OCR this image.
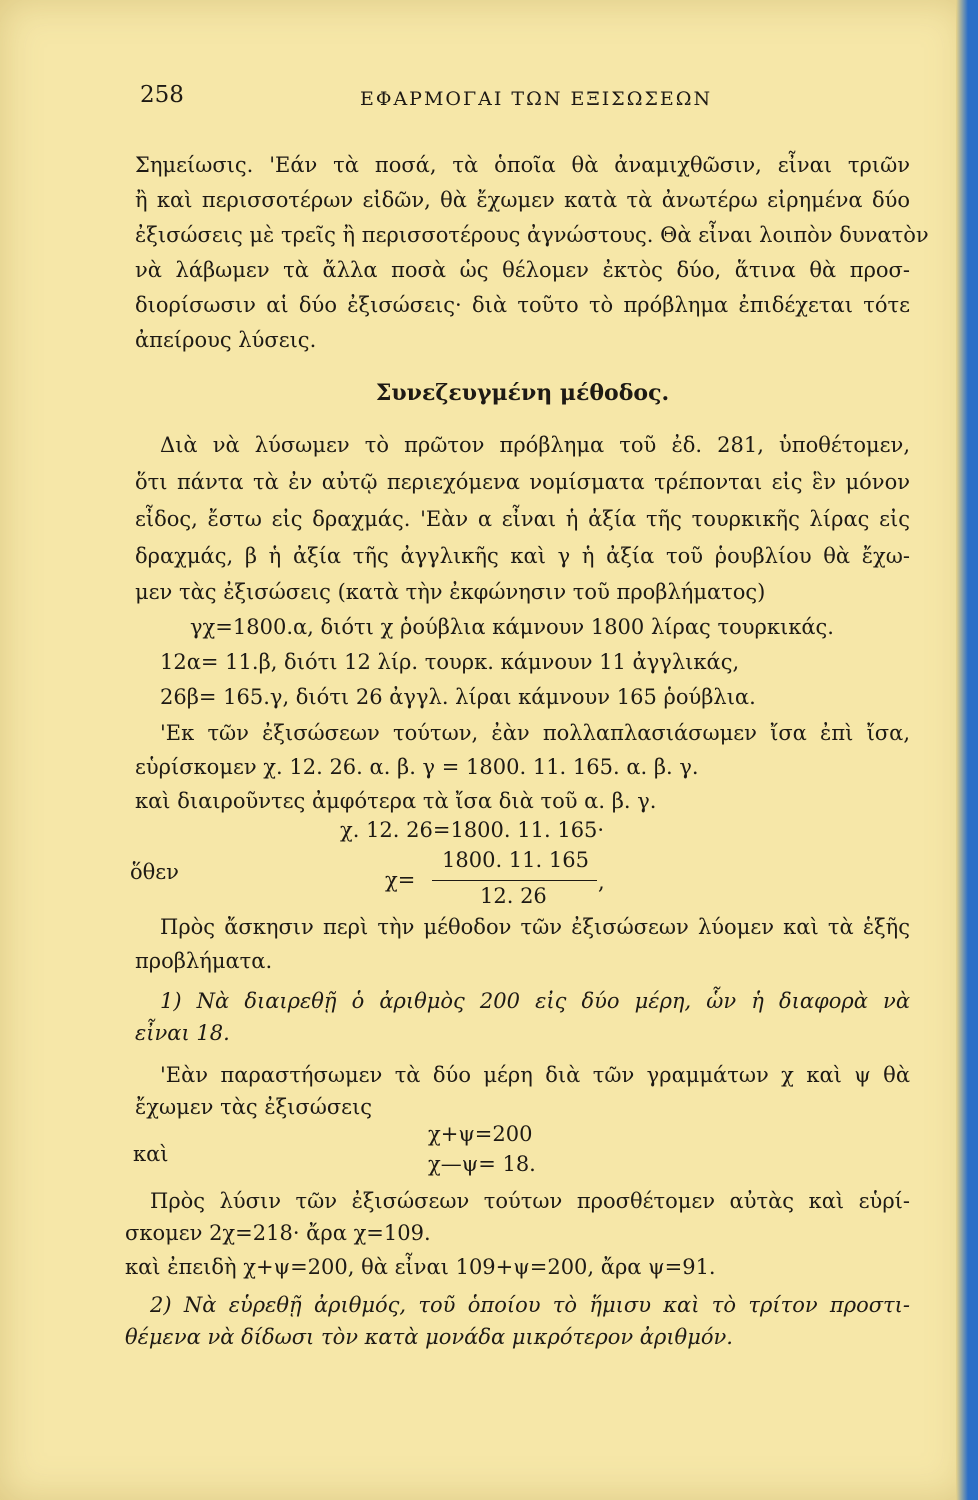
258	ΕΦΑΡΜΟΓΑΙ ΤΩΝ ΕΞΙΣΩΣΕΩΝ
Σημείωσις. 'Εάν τὰ ποσά, τὰ ὁποῖα θὰ ἀναμιχθῶσιν, εἶναι τριῶν
ἢ καὶ περισσοτέρων εἰδῶν, θὰ ἔχωμεν κατὰ τὰ ἀνωτέρω εἰρημένα δύο
ἐξισώσεις μὲ τρεῖς ἢ περισσοτέρους ἀγνώστους. Θὰ εἶναι λοιπὸν δυνατὸν
νὰ λάβωμεν τὰ ἄλλα ποσὰ ὡς θέλομεν ἐκτὸς δύο, ἅτινα θὰ προσ-
διορίσωσιν αἱ δύο ἐξισώσεις· διὰ τοῦτο τὸ πρόβλημα ἐπιδέχεται τότε
ἀπείρους λύσεις.
Συνεζευγμένη μέθοδος.
Διὰ νὰ λύσωμεν τὸ πρῶτον πρόβλημα τοῦ ἐδ. 281, ὑποθέτομεν,
ὅτι πάντα τὰ ἐν αὐτῷ περιεχόμενα νομίσματα τρέπονται εἰς ἓν μόνον
εἶδος, ἔστω εἰς δραχμάς. 'Εὰν α εἶναι ἡ ἀξία τῆς τουρκικῆς λίρας εἰς
δραχμάς, β ἡ ἀξία τῆς ἀγγλικῆς καὶ γ ἡ ἀξία τοῦ ῥουβλίου θὰ ἔχω-
μεν τὰς ἐξισώσεις (κατὰ τὴν ἐκφώνησιν τοῦ προβλήματος)
γχ=1800.α, διότι χ ῥούβλια κάμνουν 1800 λίρας τουρκικάς.
12α= 11.β, διότι 12 λίρ. τουρκ. κάμνουν 11 ἀγγλικάς,
26β= 165.γ, διότι 26 ἀγγλ. λίραι κάμνουν 165 ῥούβλια.
'Εκ τῶν ἐξισώσεων τούτων, ἐὰν πολλαπλασιάσωμεν ἴσα ἐπὶ ἴσα,
εὑρίσκομεν χ. 12. 26. α. β. γ = 1800. 11. 165. α. β. γ.
καὶ διαιροῦντες ἀμφότερα τὰ ἴσα διὰ τοῦ α. β. γ.
χ. 12. 26=1800. 11. 165·
ὅθεν	χ=
1800. 11. 165
12. 26
,
Πρὸς ἄσκησιν περὶ τὴν μέθοδον τῶν ἐξισώσεων λύομεν καὶ τὰ ἑξῆς
προβλήματα.
1) Νὰ διαιρεθῇ ὁ ἀριθμὸς 200 εἰς δύο μέρη, ὧν ἡ διαφορὰ νὰ
εἶναι 18.
'Εὰν παραστήσωμεν τὰ δύο μέρη διὰ τῶν γραμμάτων χ καὶ ψ θὰ
ἔχωμεν τὰς ἐξισώσεις
χ+ψ=200
καὶ	χ—ψ= 18.
Πρὸς λύσιν τῶν ἐξισώσεων τούτων προσθέτομεν αὐτὰς καὶ εὑρί-
σκομεν 2χ=218· ἄρα χ=109.
καὶ ἐπειδὴ χ+ψ=200, θὰ εἶναι 109+ψ=200, ἄρα ψ=91.
2) Νὰ εὑρεθῇ ἀριθμός, τοῦ ὁποίου τὸ ἥμισυ καὶ τὸ τρίτον προστι-
θέμενα νὰ δίδωσι τὸν κατὰ μονάδα μικρότερον ἀριθμόν.
